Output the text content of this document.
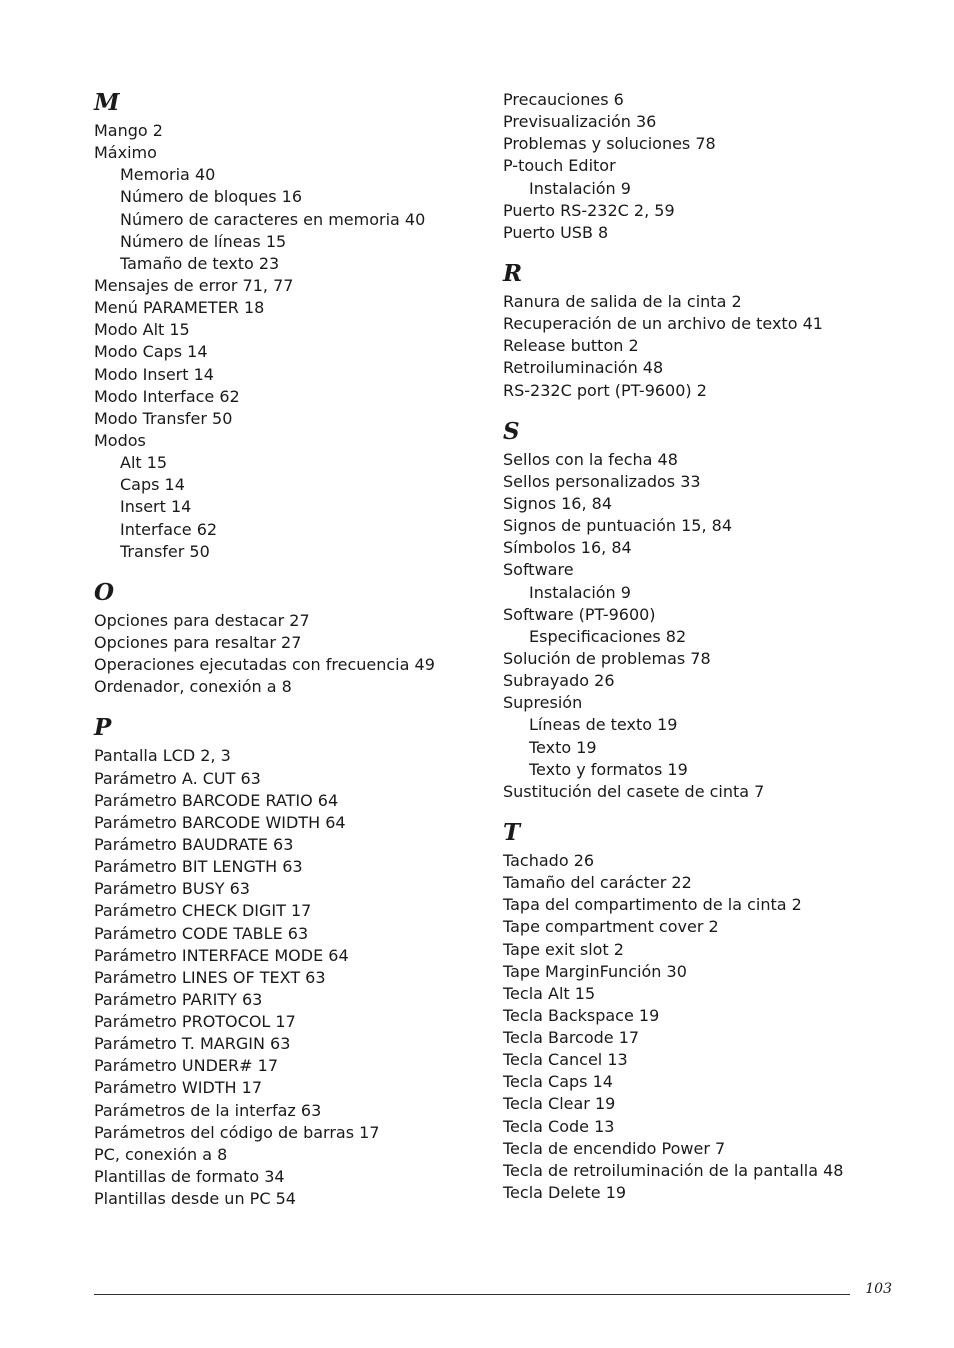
M
Mango 2
Máximo
Memoria 40
Número de bloques 16
Número de caracteres en memoria 40
Número de líneas 15
Tamaño de texto 23
Mensajes de error 71, 77
Menú PARAMETER 18
Modo Alt 15
Modo Caps 14
Modo Insert 14
Modo Interface 62
Modo Transfer 50
Modos
Alt 15
Caps 14
Insert 14
Interface 62
Transfer 50
O
Opciones para destacar 27
Opciones para resaltar 27
Operaciones ejecutadas con frecuencia 49
Ordenador, conexión a 8
P
Pantalla LCD 2, 3
Parámetro A. CUT 63
Parámetro BARCODE RATIO 64
Parámetro BARCODE WIDTH 64
Parámetro BAUDRATE 63
Parámetro BIT LENGTH 63
Parámetro BUSY 63
Parámetro CHECK DIGIT 17
Parámetro CODE TABLE 63
Parámetro INTERFACE MODE 64
Parámetro LINES OF TEXT 63
Parámetro PARITY 63
Parámetro PROTOCOL 17
Parámetro T. MARGIN 63
Parámetro UNDER# 17
Parámetro WIDTH 17
Parámetros de la interfaz 63
Parámetros del código de barras 17
PC, conexión a 8
Plantillas de formato 34
Plantillas desde un PC 54
Precauciones 6
Previsualización 36
Problemas y soluciones 78
P-touch Editor
Instalación 9
Puerto RS-232C 2, 59
Puerto USB 8
R
Ranura de salida de la cinta 2
Recuperación de un archivo de texto 41
Release button 2
Retroiluminación 48
RS-232C port (PT-9600) 2
S
Sellos con la fecha 48
Sellos personalizados 33
Signos 16, 84
Signos de puntuación 15, 84
Símbolos 16, 84
Software
Instalación 9
Software (PT-9600)
Especificaciones 82
Solución de problemas 78
Subrayado 26
Supresión
Líneas de texto 19
Texto 19
Texto y formatos 19
Sustitución del casete de cinta 7
T
Tachado 26
Tamaño del carácter 22
Tapa del compartimento de la cinta 2
Tape compartment cover 2
Tape exit slot 2
Tape MarginFunción 30
Tecla Alt 15
Tecla Backspace 19
Tecla Barcode 17
Tecla Cancel 13
Tecla Caps 14
Tecla Clear 19
Tecla Code 13
Tecla de encendido Power 7
Tecla de retroiluminación de la pantalla 48
Tecla Delete 19
103
